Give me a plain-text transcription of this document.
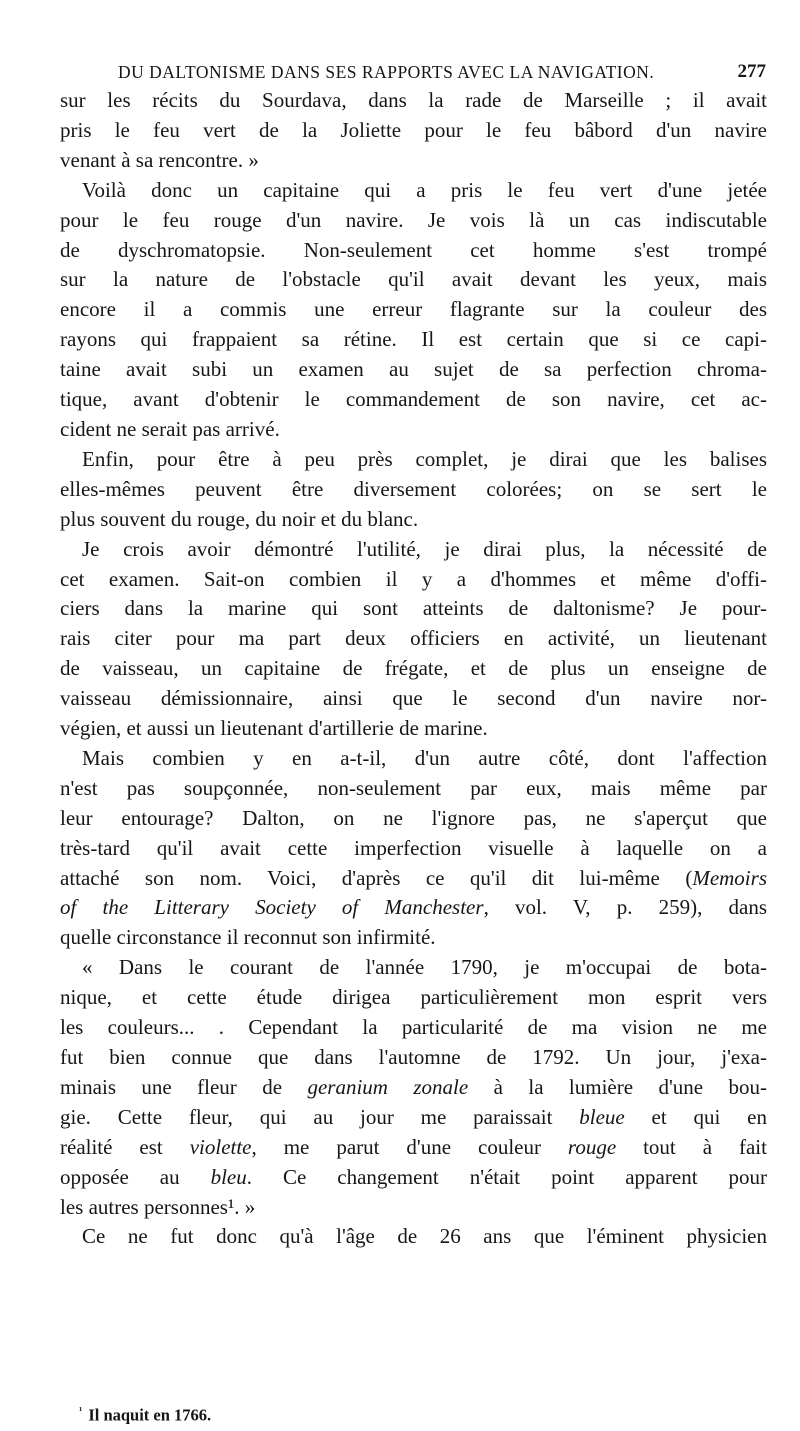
DU DALTONISME DANS SES RAPPORTS AVEC LA NAVIGATION.	277
sur les récits du Sourdava, dans la rade de Marseille ; il avait
pris le feu vert de la Joliette pour le feu bâbord d'un navire
venant à sa rencontre. »
Voilà donc un capitaine qui a pris le feu vert d'une jetée
pour le feu rouge d'un navire. Je vois là un cas indiscutable
de dyschromatopsie. Non-seulement cet homme s'est trompé
sur la nature de l'obstacle qu'il avait devant les yeux, mais
encore il a commis une erreur flagrante sur la couleur des
rayons qui frappaient sa rétine. Il est certain que si ce capi-
taine avait subi un examen au sujet de sa perfection chroma-
tique, avant d'obtenir le commandement de son navire, cet ac-
cident ne serait pas arrivé.
Enfin, pour être à peu près complet, je dirai que les balises
elles-mêmes peuvent être diversement colorées; on se sert le
plus souvent du rouge, du noir et du blanc.
Je crois avoir démontré l'utilité, je dirai plus, la nécessité de
cet examen. Sait-on combien il y a d'hommes et même d'offi-
ciers dans la marine qui sont atteints de daltonisme? Je pour-
rais citer pour ma part deux officiers en activité, un lieutenant
de vaisseau, un capitaine de frégate, et de plus un enseigne de
vaisseau démissionnaire, ainsi que le second d'un navire nor-
végien, et aussi un lieutenant d'artillerie de marine.
Mais combien y en a-t-il, d'un autre côté, dont l'affection
n'est pas soupçonnée, non-seulement par eux, mais même par
leur entourage? Dalton, on ne l'ignore pas, ne s'aperçut que
très-tard qu'il avait cette imperfection visuelle à laquelle on a
attaché son nom. Voici, d'après ce qu'il dit lui-même (Memoirs
of the Litterary Society of Manchester, vol. V, p. 259), dans
quelle circonstance il reconnut son infirmité.
« Dans le courant de l'année 1790, je m'occupai de bota-
nique, et cette étude dirigea particulièrement mon esprit vers
les couleurs... . Cependant la particularité de ma vision ne me
fut bien connue que dans l'automne de 1792. Un jour, j'exa-
minais une fleur de geranium zonale à la lumière d'une bou-
gie. Cette fleur, qui au jour me paraissait bleue et qui en
réalité est violette, me parut d'une couleur rouge tout à fait
opposée au bleu. Ce changement n'était point apparent pour
les autres personnes¹. »
Ce ne fut donc qu'à l'âge de 26 ans que l'éminent physicien
$^{^1}$ Il naquit en 1766.
